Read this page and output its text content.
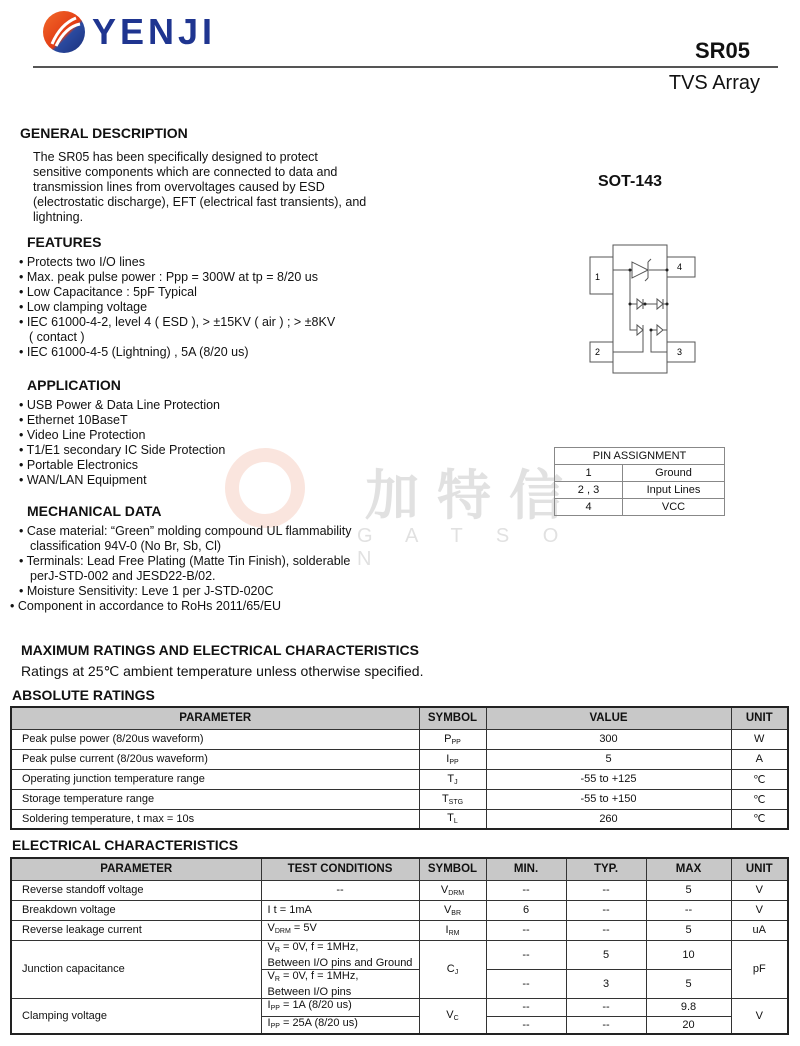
YENJI	SR05
TVS Array
加特信
G A T S O N
GENERAL DESCRIPTION
The SR05 has been specifically designed to protect
sensitive components which are connected to data and
transmission lines from overvoltages caused by ESD
(electrostatic discharge), EFT (electrical fast transients), and
lightning.
SOT-143
1
2	3
4
FEATURES
• Protects two I/O lines
• Max. peak pulse power : Ppp = 300W at tp = 8/20 us
• Low Capacitance : 5pF Typical
• Low clamping voltage
• IEC 61000-4-2, level 4 ( ESD ), > ±15KV ( air ) ; > ±8KV
( contact )
• IEC 61000-4-5 (Lightning) , 5A (8/20 us)
APPLICATION
• USB Power & Data Line Protection
• Ethernet 10BaseT
• Video Line Protection
• T1/E1 secondary IC Side Protection
• Portable Electronics
• WAN/LAN Equipment
MECHANICAL DATA
• Case material: “Green” molding compound UL flammability
classification 94V-0 (No Br, Sb, Cl)
• Terminals: Lead Free Plating (Matte Tin Finish), solderable
perJ-STD-002 and JESD22-B/02.
• Moisture Sensitivity: Leve 1 per J-STD-020C
• Component in accordance to RoHs 2011/65/EU
PIN ASSIGNMENT	
1	Ground
2 , 3	Input Lines
4	VCC
MAXIMUM RATINGS AND ELECTRICAL CHARACTERISTICS
Ratings at 25℃ ambient temperature unless otherwise specified.
ABSOLUTE RATINGS
PARAMETER	SYMBOL	VALUE	UNIT
Peak pulse power (8/20us waveform)	$P_{PP}$	300	W
Peak pulse current (8/20us waveform)	$I_{PP}$	5	A
Operating junction temperature range	$T_J$	-55 to +125	℃
Storage temperature range	$T_{STG}$	-55 to +150	℃
Soldering temperature, t max = 10s	$T_L$	260	℃
ELECTRICAL CHARACTERISTICS
PARAMETER	TEST CONDITIONS	SYMBOL	MIN.	TYP.	MAX	UNIT
Reverse standoff voltage	--	$V_{DRM}$	--	--	5	V
Breakdown voltage	I t = 1mA	$V_{BR}$	6	--	--	V
Reverse leakage current	$V_{DRM} = 5V$	$I_{RM}$	--	--	5	uA
Junction capacitance	$V_R = 0V$, f = 1MHz,
Between I/O pins and Ground	$C_J$	--	5	10	pF
	$V_R = 0V$, f = 1MHz,
Between I/O pins		--	3	5	
Clamping voltage	$I_{PP} = 1A$ (8/20 us)	$V_C$	--	--	9.8	V
	$I_{PP} = 25A$ (8/20 us)		--	--	20	
